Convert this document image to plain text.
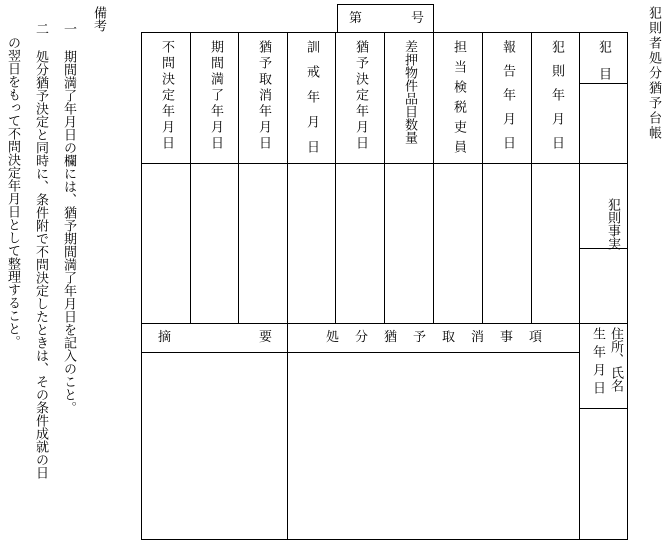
犯則者処分猶予台帳
第	号
犯目
犯則年月日
報告年月日
担当検税吏員
差押物件品目数量
猶予決定年月日
訓戒年月日
猶予取消年月日
期間満了年月日
不問決定年月日
犯則事実
住所、氏名
生年月日
摘要
処分猶予取消事項
備考
一
期間満了年月日の欄には、猶予期間満了年月日を記入のこと。
二
処分猶予決定と同時に、条件附で不問決定したときは、その条件成就の日
の翌日をもって不問決定年月日として整理すること。
